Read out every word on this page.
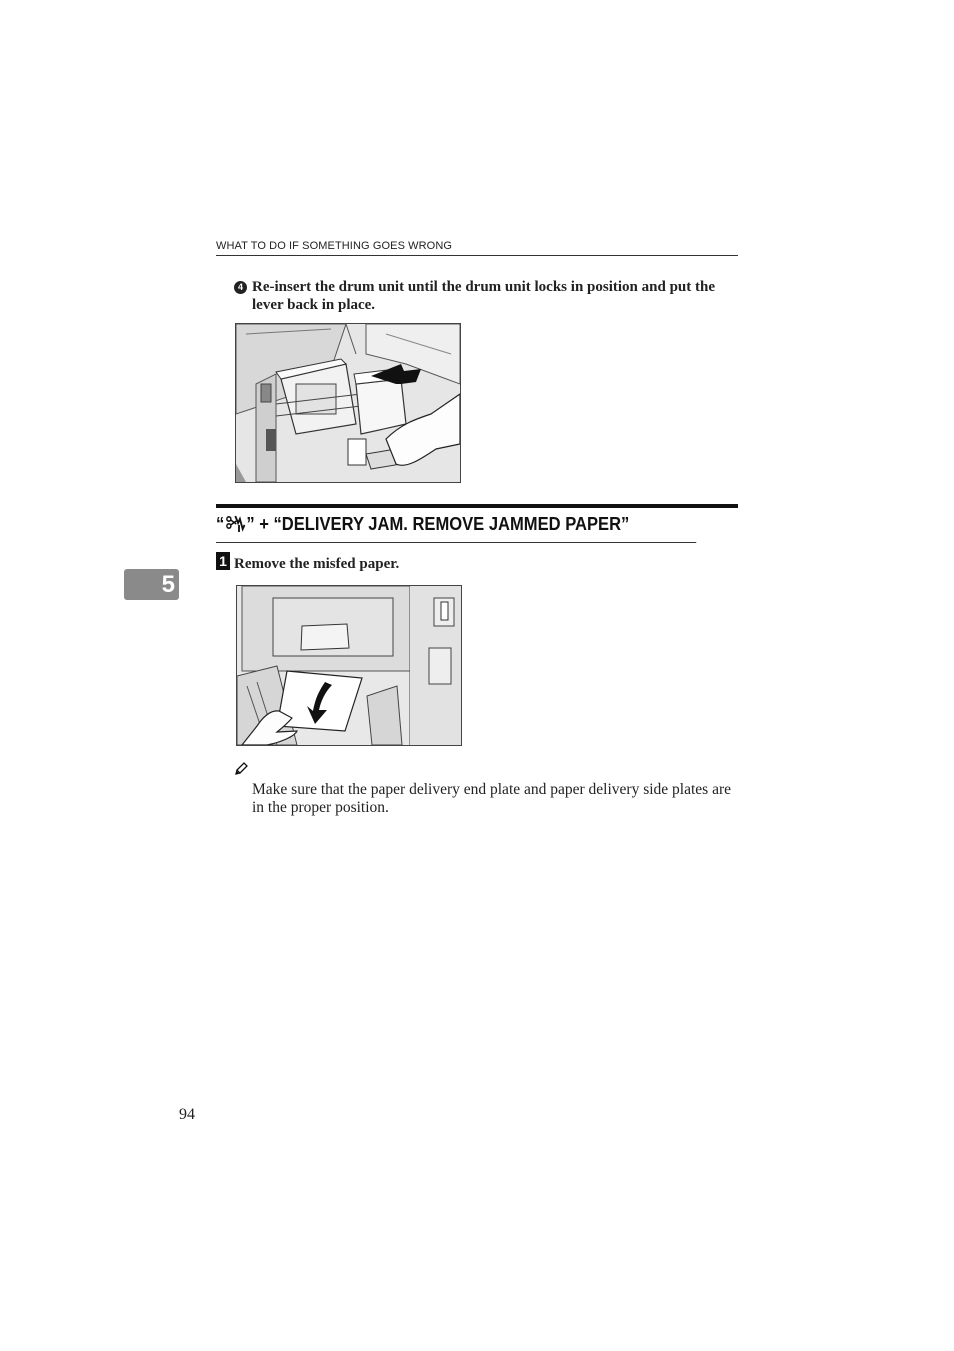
WHAT TO DO IF SOMETHING GOES WRONG
4 Re-insert the drum unit until the drum unit locks in position and put the lever back in place.
“ ” + “DELIVERY JAM. REMOVE JAMMED PAPER”
5
1 Remove the misfed paper.
Make sure that the paper delivery end plate and paper delivery side plates are in the proper position.
94
